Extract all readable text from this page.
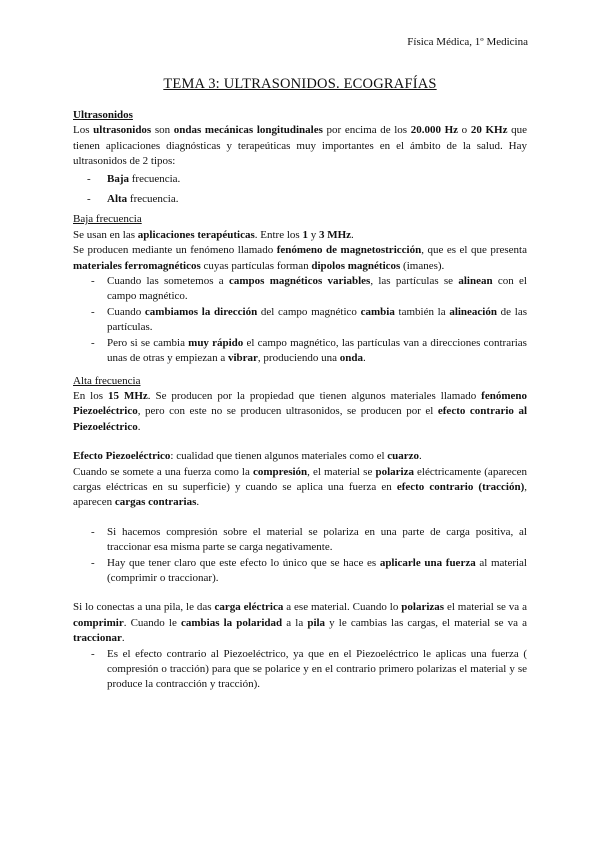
Física Médica, 1º Medicina
TEMA 3: ULTRASONIDOS. ECOGRAFÍAS

Ultrasonidos

Los ultrasonidos son ondas mecánicas longitudinales por encima de los 20.000 Hz o 20 KHz que tienen aplicaciones diagnósticas y terapeúticas muy importantes en el ámbito de la salud. Hay ultrasonidos de 2 tipos:

- Baja frecuencia.
- Alta frecuencia.

Baja frecuencia

Se usan en las aplicaciones terapéuticas. Entre los 1 y 3 MHz.

Se producen mediante un fenómeno llamado fenómeno de magnetostricción, que es el que presenta materiales ferromagnéticos cuyas partículas forman dipolos magnéticos (imanes).

- Cuando las sometemos a campos magnéticos variables, las partículas se alinean con el campo magnético.
- Cuando cambiamos la dirección del campo magnético cambia también la alineación de las partículas.
- Pero si se cambia muy rápido el campo magnético, las partículas van a direcciones contrarias unas de otras y empiezan a vibrar, produciendo una onda.

Alta frecuencia

En los 15 MHz. Se producen por la propiedad que tienen algunos materiales llamado fenómeno Piezoeléctrico, pero con este no se producen ultrasonidos, se producen por el efecto contrario al Piezoeléctrico.

Efecto Piezoeléctrico: cualidad que tienen algunos materiales como el cuarzo.

Cuando se somete a una fuerza como la compresión, el material se polariza eléctricamente (aparecen cargas eléctricas en su superficie) y cuando se aplica una fuerza en efecto contrario (tracción), aparecen cargas contrarias.

- Si hacemos compresión sobre el material se polariza en una parte de carga positiva, al traccionar esa misma parte se carga negativamente.
- Hay que tener claro que este efecto lo único que se hace es aplicarle una fuerza al material (comprimir o traccionar).

Si lo conectas a una pila, le das carga eléctrica a ese material. Cuando lo polarizas el material se va a comprimir. Cuando le cambias la polaridad a la pila y le cambias las cargas, el material se va a traccionar.

- Es el efecto contrario al Piezoeléctrico, ya que en el Piezoeléctrico le aplicas una fuerza ( compresión o tracción) para que se polarice y en el contrario primero polarizas el material y se produce la contracción y tracción).
